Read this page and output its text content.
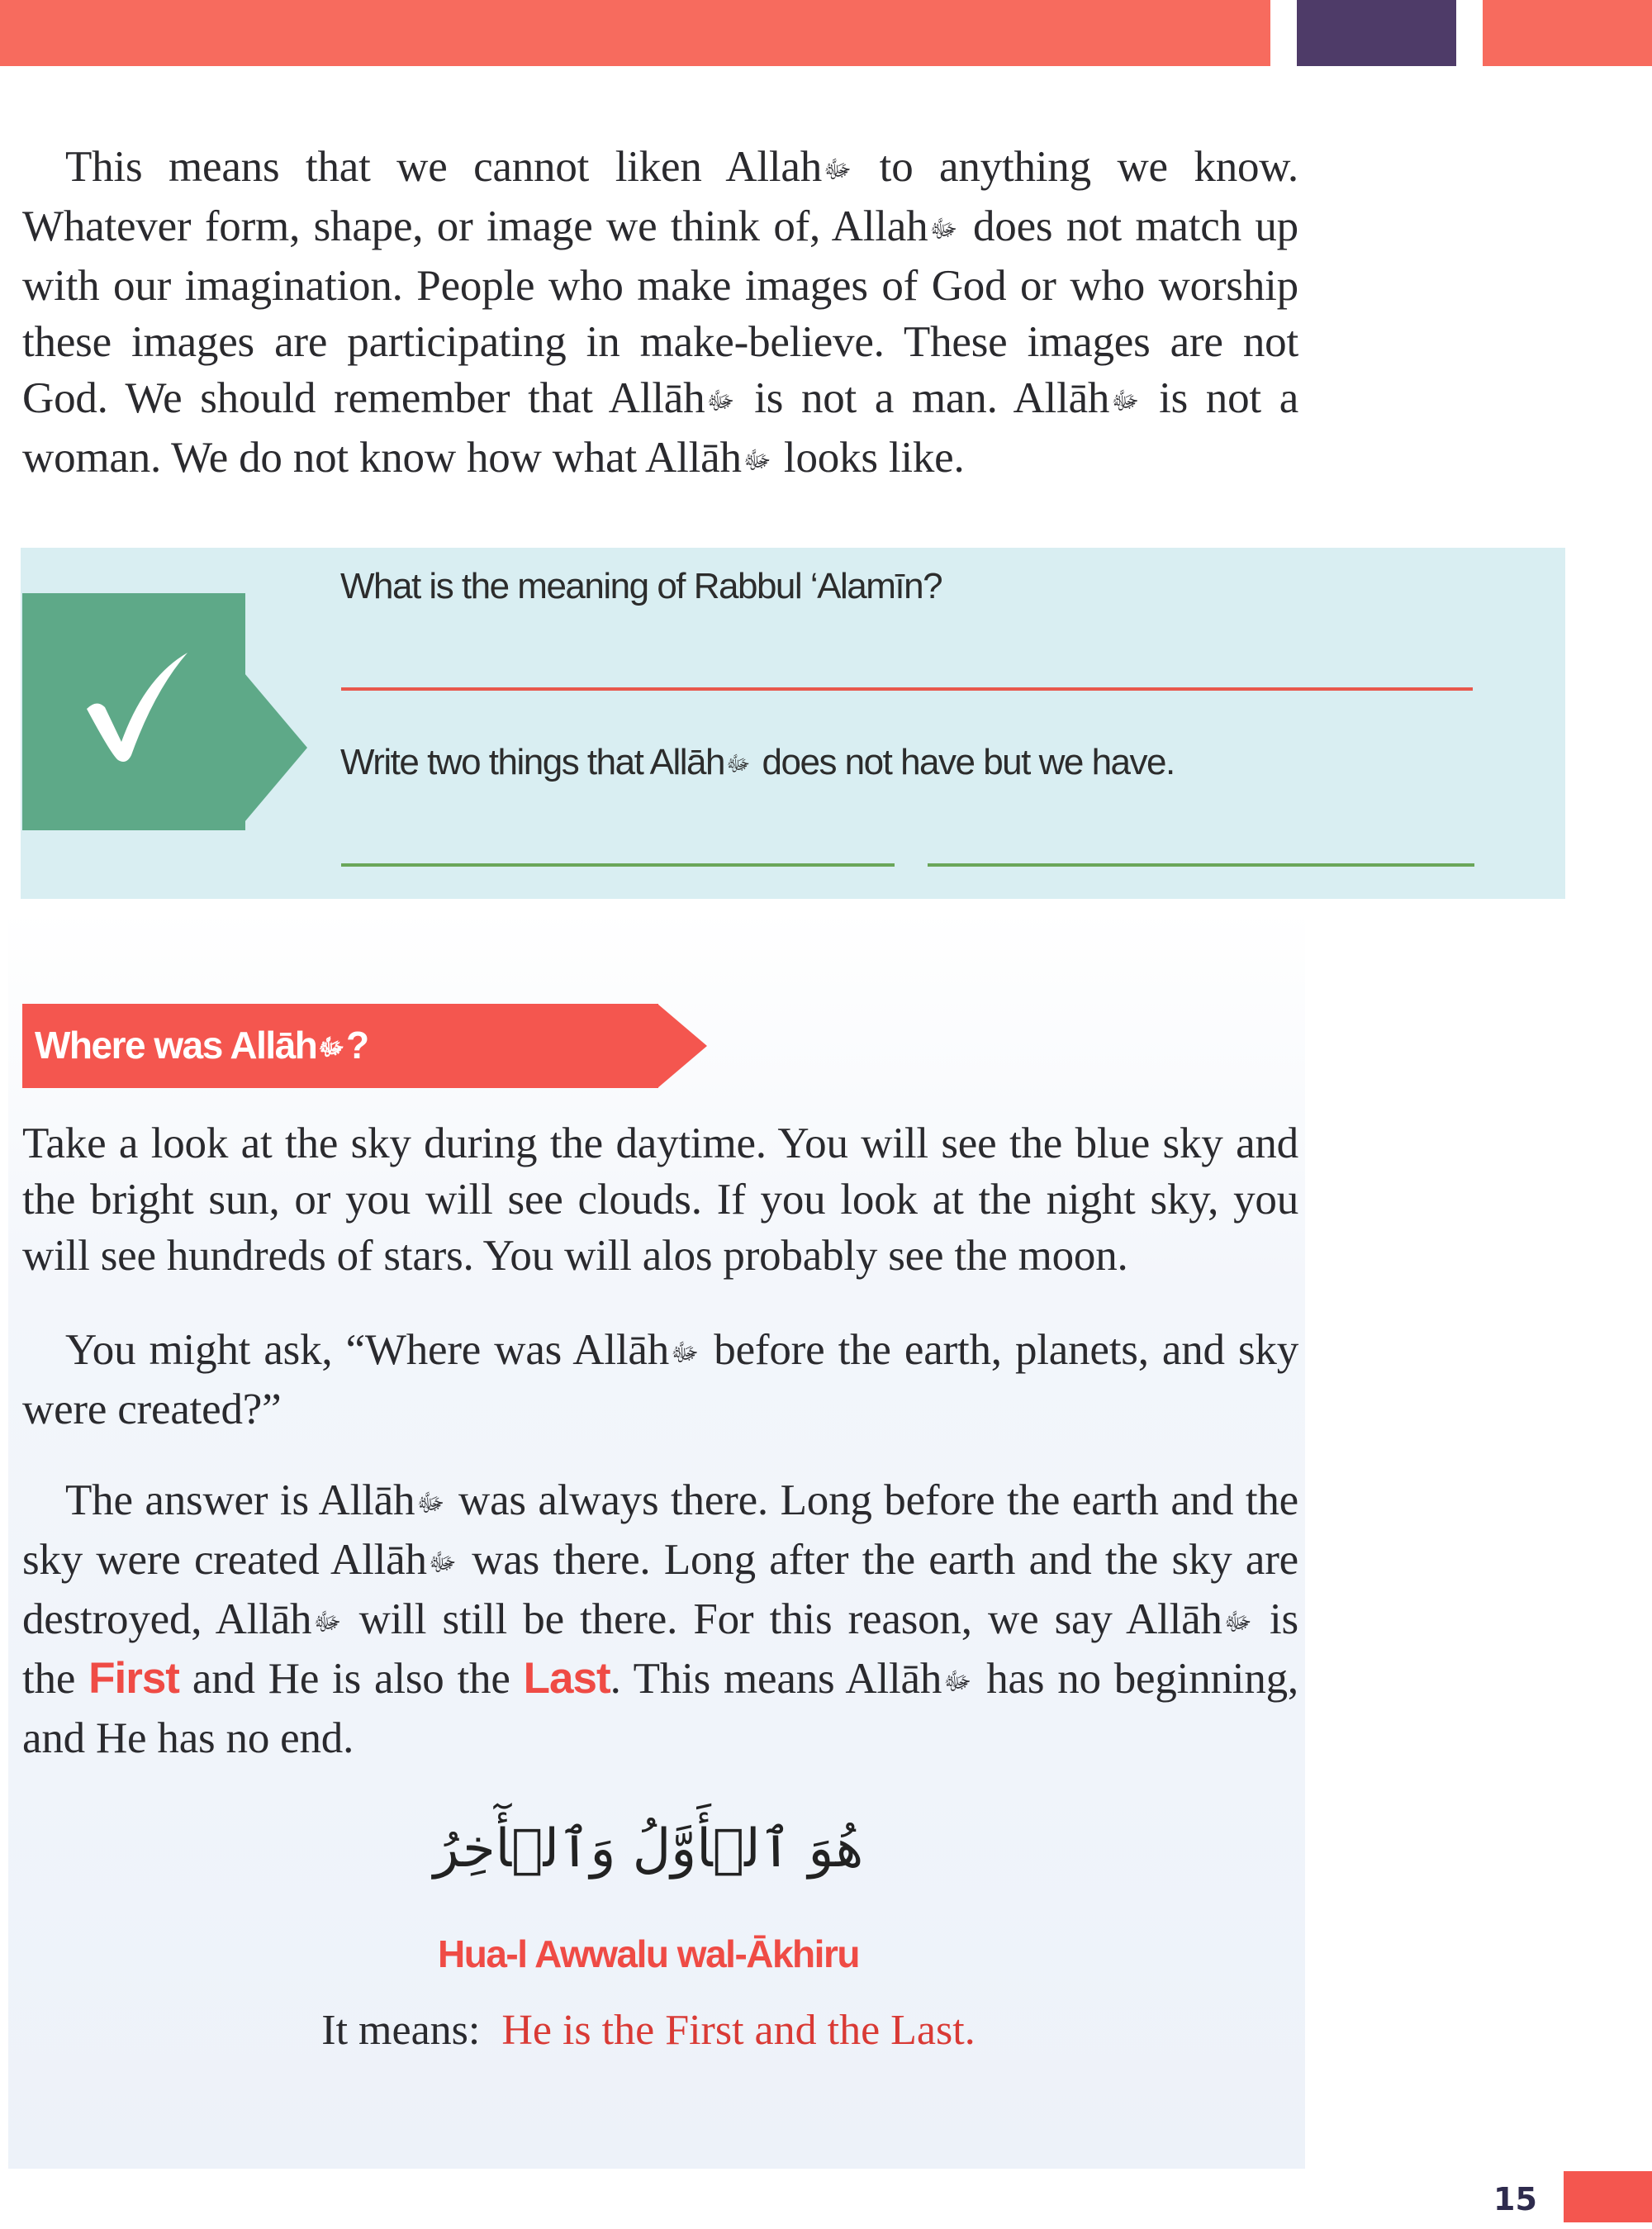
This means that we cannot liken Allahﷻ to anything we know. Whatever form, shape, or image we think of, Allahﷻ does not match up with our imagination. People who make images of God or who worship these images are participating in make-believe. These images are not God. We should remember that Allāhﷻ is not a man. Allāhﷻ is not a woman. We do not know how what Allāhﷻ looks like.

What is the meaning of Rabbul ‘Alamīn?
Write two things that Allāhﷻ does not have but we have.
Where was Allāhﷻ?

Take a look at the sky during the daytime. You will see the blue sky and the bright sun, or you will see clouds. If you look at the night sky, you will see hundreds of stars. You will alos probably see the moon.

You might ask, “Where was Allāhﷻ before the earth, planets, and sky were created?”

The answer is Allāhﷻ was always there. Long before the earth and the sky were created Allāhﷻ was there. Long after the earth and the sky are destroyed, Allāhﷻ will still be there. For this reason, we say Allāhﷻ is the First and He is also the Last. This means Allāhﷻ has no beginning, and He has no end.

هُوَ ٱلۡأَوَّلُ وَٱلۡأٓخِرُ
Hua-l Awwalu wal-Ākhiru
It means: He is the First and the Last.
15
